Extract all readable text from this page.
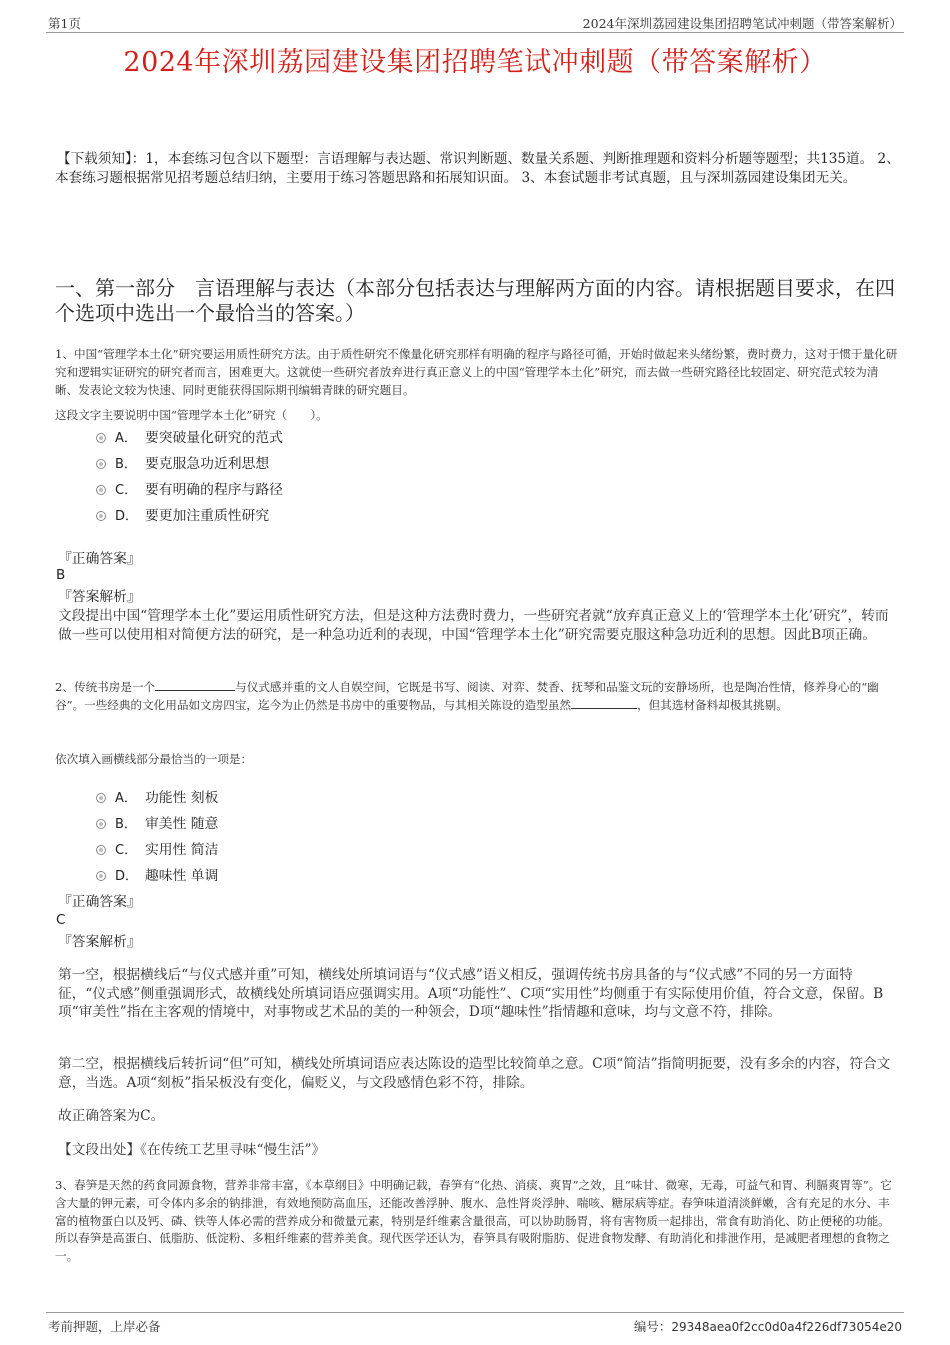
第1页	2024年深圳荔园建设集团招聘笔试冲刺题（带答案解析）
2024年深圳荔园建设集团招聘笔试冲刺题（带答案解析）
【下载须知】：1，本套练习包含以下题型：言语理解与表达题、常识判断题、数量关系题、判断推理题和资料分析题等题型；共135道。 2、本套练习题根据常见招考题总结归纳，主要用于练习答题思路和拓展知识面。 3、本套试题非考试真题，且与深圳荔园建设集团无关。
一、第一部分　言语理解与表达（本部分包括表达与理解两方面的内容。请根据题目要求，在四个选项中选出一个最恰当的答案。）
1、中国“管理学本土化”研究要运用质性研究方法。由于质性研究不像量化研究那样有明确的程序与路径可循，开始时做起来头绪纷繁，费时费力，这对于惯于量化研究和逻辑实证研究的研究者而言，困难更大。这就使一些研究者放弃进行真正意义上的中国“管理学本土化”研究，而去做一些研究路径比较固定、研究范式较为清晰、发表论文较为快速、同时更能获得国际期刊编辑青睐的研究题目。
这段文字主要说明中国“管理学本土化”研究（　　）。
A． 要突破量化研究的范式
B． 要克服急功近利思想
C． 要有明确的程序与路径
D． 要更加注重质性研究
『正确答案』
B
『答案解析』
文段提出中国“管理学本土化”要运用质性研究方法，但是这种方法费时费力，一些研究者就“放弃真正意义上的‘管理学本土化’研究”，转而做一些可以使用相对简便方法的研究，是一种急功近利的表现，中国“管理学本土化”研究需要克服这种急功近利的思想。因此B项正确。
2、传统书房是一个	与仪式感并重的文人自娱空间，它既是书写、阅读、对弈、焚香、抚琴和品鉴文玩的安静场所，也是陶冶性情，修养身心的“幽谷”。一些经典的文化用品如文房四宝，迄今为止仍然是书房中的重要物品，与其相关陈设的造型虽然	，但其选材备料却极其挑剔。
依次填入画横线部分最恰当的一项是：
A． 功能性 刻板
B． 审美性 随意
C． 实用性 简洁
D． 趣味性 单调
『正确答案』
C
『答案解析』
第一空，根据横线后“与仪式感并重”可知，横线处所填词语与“仪式感”语义相反，强调传统书房具备的与“仪式感”不同的另一方面特征，“仪式感”侧重强调形式，故横线处所填词语应强调实用。A项“功能性”、C项“实用性”均侧重于有实际使用价值，符合文意，保留。B项“审美性”指在主客观的情境中，对事物或艺术品的美的一种领会，D项“趣味性”指情趣和意味，均与文意不符，排除。
第二空，根据横线后转折词“但”可知，横线处所填词语应表达陈设的造型比较简单之意。C项“简洁”指简明扼要，没有多余的内容，符合文意，当选。A项“刻板”指呆板没有变化，偏贬义，与文段感情色彩不符，排除。
故正确答案为C。
【文段出处】《在传统工艺里寻味“慢生活”》
3、春笋是天然的药食同源食物，营养非常丰富，《本草纲目》中明确记载，春笋有“化热、消痰、爽胃”之效，且“味甘、微寒，无毒，可益气和胃、利膈爽胃等”。它含大量的钾元素，可令体内多余的钠排泄，有效地预防高血压，还能改善浮肿、腹水、急性肾炎浮肿、喘咳、糖尿病等症。春笋味道清淡鲜嫩，含有充足的水分、丰富的植物蛋白以及钙、磷、铁等人体必需的营养成分和微量元素，特别是纤维素含量很高，可以协助肠胃，将有害物质一起排出，常食有助消化、防止便秘的功能。所以春笋是高蛋白、低脂肪、低淀粉、多粗纤维素的营养美食。现代医学还认为，春笋具有吸附脂肪、促进食物发酵、有助消化和排泄作用，是减肥者理想的食物之一。
考前押题，上岸必备	编号：29348aea0f2cc0d0a4f226df73054e20
